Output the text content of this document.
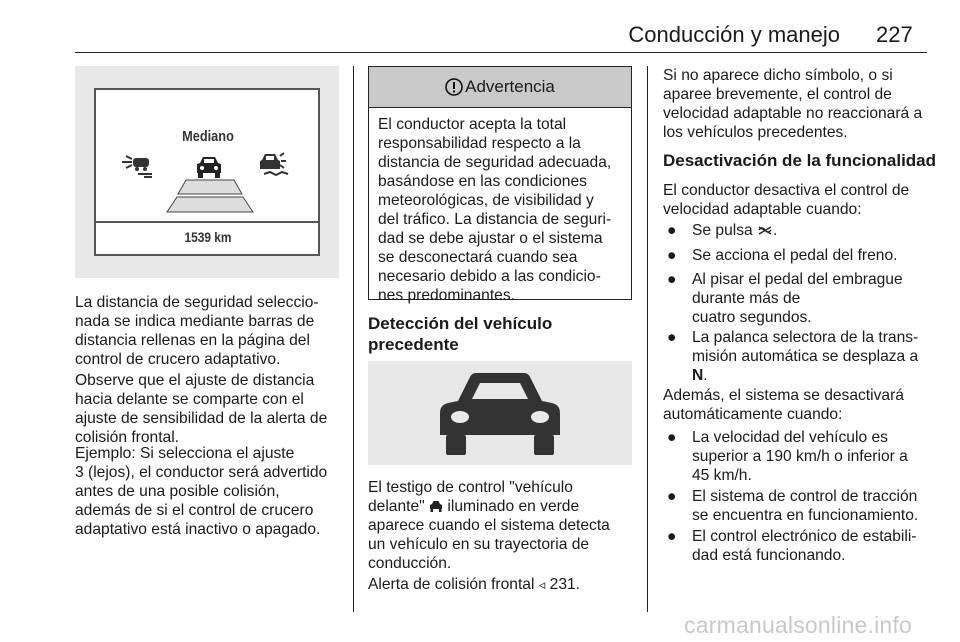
Conducción y manejo 227
Mediano
1539 km

La distancia de seguridad seleccio-
nada se indica mediante barras de
distancia rellenas en la página del
control de crucero adaptativo.

Observe que el ajuste de distancia
hacia delante se comparte con el
ajuste de sensibilidad de la alerta de
colisión frontal.

Ejemplo: Si selecciona el ajuste
3 (lejos), el conductor será advertido
antes de una posible colisión,
además de si el control de crucero
adaptativo está inactivo o apagado.

Advertencia

El conductor acepta la total
responsabilidad respecto a la
distancia de seguridad adecuada,
basándose en las condiciones
meteorológicas, de visibilidad y
del tráfico. La distancia de seguri-
dad se debe ajustar o el sistema
se desconectará cuando sea
necesario debido a las condicio-
nes predominantes.

Detección del vehículo
precedente

El testigo de control "vehículo
delante" iluminado en verde
aparece cuando el sistema detecta
un vehículo en su trayectoria de
conducción.

Alerta de colisión frontal ◃ 231.

Si no aparece dicho símbolo, o si
aparee brevemente, el control de
velocidad adaptable no reaccionará a
los vehículos precedentes.

Desactivación de la funcionalidad

El conductor desactiva el control de
velocidad adaptable cuando:

● Se pulsa .
● Se acciona el pedal del freno.
● Al pisar el pedal del embrague
durante más de
cuatro segundos.
● La palanca selectora de la trans-
misión automática se desplaza a
N.

Además, el sistema se desactivará
automáticamente cuando:

● La velocidad del vehículo es
superior a 190 km/h o inferior a
45 km/h.
● El sistema de control de tracción
se encuentra en funcionamiento.
● El control electrónico de estabili-
dad está funcionando.
carmanualsonline.info
